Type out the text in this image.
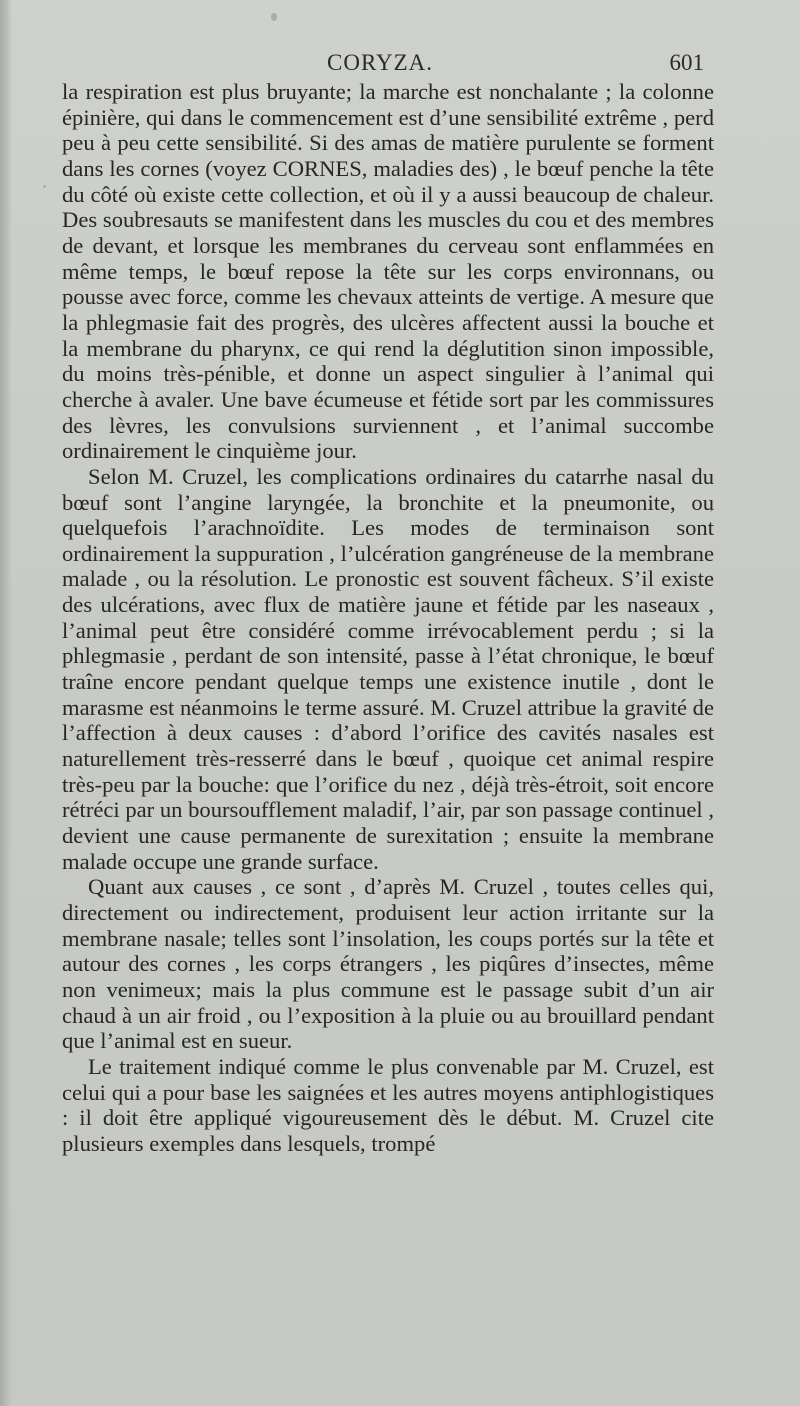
CORYZA.	601

la respiration est plus bruyante; la marche est nonchalante ; la colonne épinière, qui dans le commencement est d’une sensibilité extrême , perd peu à peu cette sensibilité. Si des amas de matière purulente se forment dans les cornes (voyez CORNES, maladies des) , le bœuf penche la tête du côté où existe cette collection, et où il y a aussi beaucoup de chaleur. Des soubresauts se manifestent dans les muscles du cou et des membres de devant, et lorsque les membranes du cerveau sont enflammées en même temps, le bœuf repose la tête sur les corps environnans, ou pousse avec force, comme les chevaux atteints de vertige. A mesure que la phlegmasie fait des progrès, des ulcères affectent aussi la bouche et la membrane du pharynx, ce qui rend la déglutition sinon impossible, du moins très-pénible, et donne un aspect singulier à l’animal qui cherche à avaler. Une bave écumeuse et fétide sort par les commissures des lèvres, les convulsions surviennent , et l’animal succombe ordinairement le cinquième jour.

Selon M. Cruzel, les complications ordinaires du catarrhe nasal du bœuf sont l’angine laryngée, la bronchite et la pneumonite, ou quelquefois l’arachnoïdite. Les modes de terminaison sont ordinairement la suppuration , l’ulcération gangréneuse de la membrane malade , ou la résolution. Le pronostic est souvent fâcheux. S’il existe des ulcérations, avec flux de matière jaune et fétide par les naseaux , l’animal peut être considéré comme irrévocablement perdu ; si la phlegmasie , perdant de son intensité, passe à l’état chronique, le bœuf traîne encore pendant quelque temps une existence inutile , dont le marasme est néanmoins le terme assuré. M. Cruzel attribue la gravité de l’affection à deux causes : d’abord l’orifice des cavités nasales est naturellement très-resserré dans le bœuf , quoique cet animal respire très-peu par la bouche: que l’orifice du nez , déjà très-étroit, soit encore rétréci par un boursoufflement maladif, l’air, par son passage continuel , devient une cause permanente de surexitation ; ensuite la membrane malade occupe une grande surface.

Quant aux causes , ce sont , d’après M. Cruzel , toutes celles qui, directement ou indirectement, produisent leur action irritante sur la membrane nasale; telles sont l’insolation, les coups portés sur la tête et autour des cornes , les corps étrangers , les piqûres d’insectes, même non venimeux; mais la plus commune est le passage subit d’un air chaud à un air froid , ou l’exposition à la pluie ou au brouillard pendant que l’animal est en sueur.

Le traitement indiqué comme le plus convenable par M. Cruzel, est celui qui a pour base les saignées et les autres moyens antiphlogistiques : il doit être appliqué vigoureusement dès le début. M. Cruzel cite plusieurs exemples dans lesquels, trompé
